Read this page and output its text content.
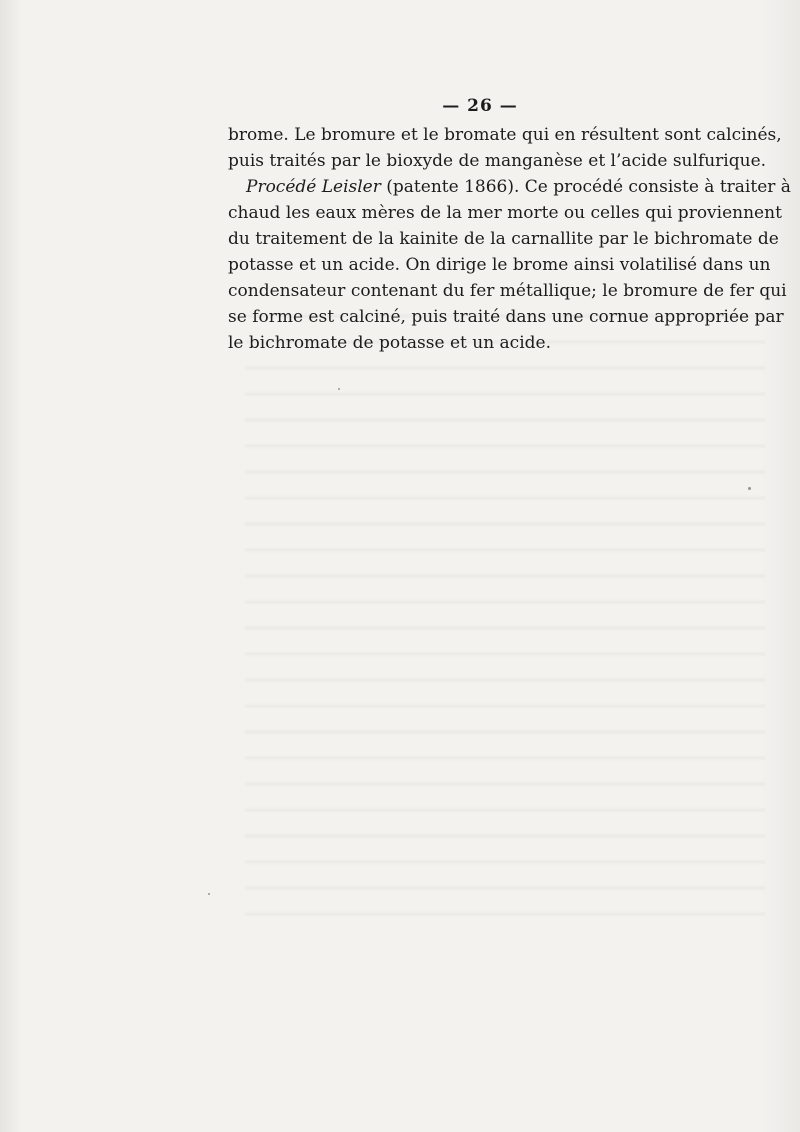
— 26 —
brome. Le bromure et le bromate qui en résultent sont calcinés,
puis traités par le bioxyde de manganèse et l’acide sulfurique.
Procédé Leisler (patente 1866). Ce procédé consiste à traiter à
chaud les eaux mères de la mer morte ou celles qui proviennent
du traitement de la kainite de la carnallite par le bichromate de
potasse et un acide. On dirige le brome ainsi volatilisé dans un
condensateur contenant du fer métallique; le bromure de fer qui
se forme est calciné, puis traité dans une cornue appropriée par
le bichromate de potasse et un acide.
